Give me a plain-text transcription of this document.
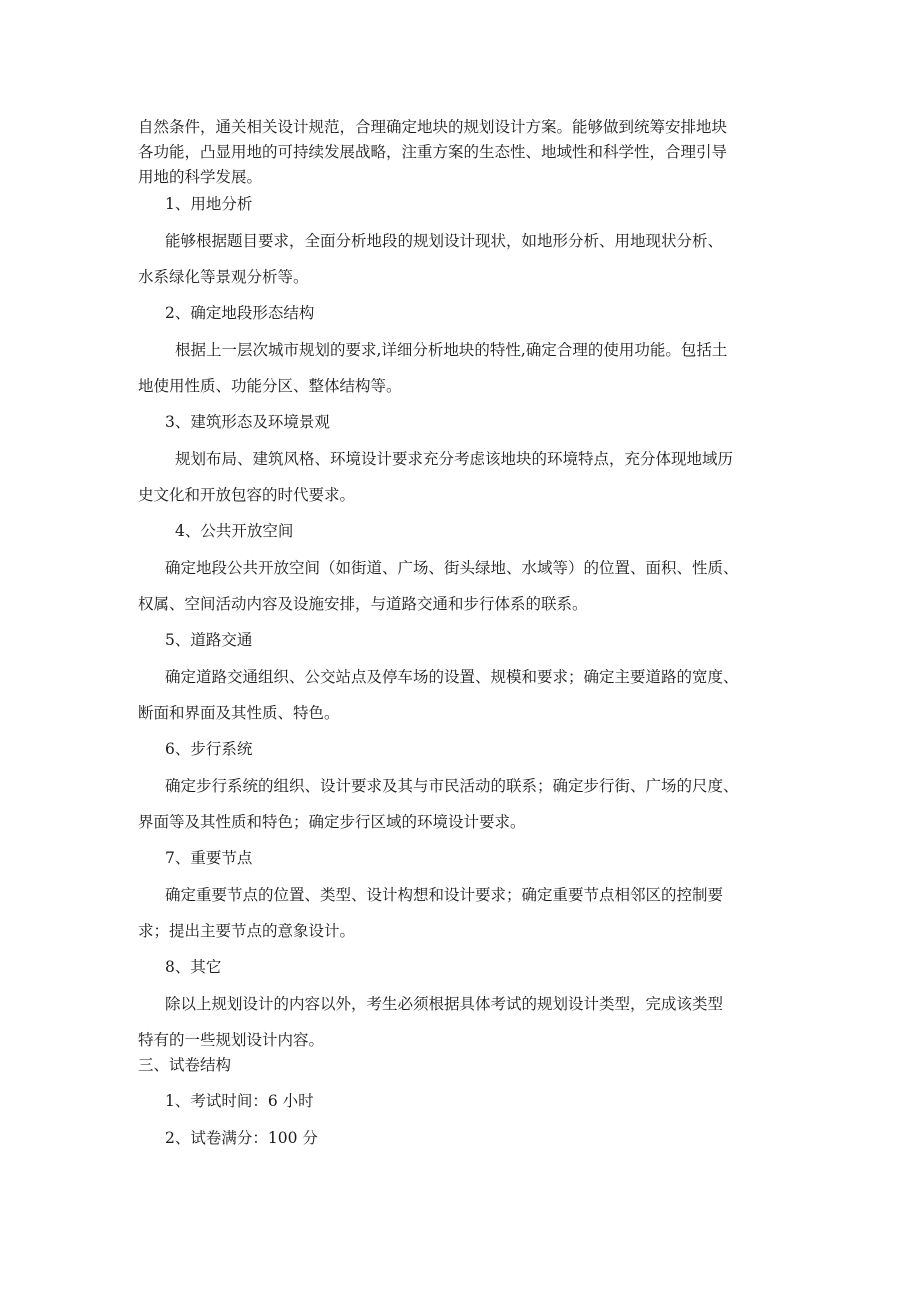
自然条件，通关相关设计规范，合理确定地块的规划设计方案。能够做到统筹安排地块
各功能，凸显用地的可持续发展战略，注重方案的生态性、地域性和科学性，合理引导
用地的科学发展。
1、用地分析
能够根据题目要求，全面分析地段的规划设计现状，如地形分析、用地现状分析、
水系绿化等景观分析等。
2、确定地段形态结构
根据上一层次城市规划的要求,详细分析地块的特性,确定合理的使用功能。包括土
地使用性质、功能分区、整体结构等。
3、建筑形态及环境景观
规划布局、建筑风格、环境设计要求充分考虑该地块的环境特点，充分体现地域历
史文化和开放包容的时代要求。
4、公共开放空间
确定地段公共开放空间（如街道、广场、街头绿地、水域等）的位置、面积、性质、
权属、空间活动内容及设施安排，与道路交通和步行体系的联系。
5、道路交通
确定道路交通组织、公交站点及停车场的设置、规模和要求；确定主要道路的宽度、
断面和界面及其性质、特色。
6、步行系统
确定步行系统的组织、设计要求及其与市民活动的联系；确定步行街、广场的尺度、
界面等及其性质和特色；确定步行区域的环境设计要求。
7、重要节点
确定重要节点的位置、类型、设计构想和设计要求；确定重要节点相邻区的控制要
求；提出主要节点的意象设计。
8、其它
除以上规划设计的内容以外，考生必须根据具体考试的规划设计类型，完成该类型
特有的一些规划设计内容。
三、试卷结构
1、考试时间：6 小时
2、试卷满分：100 分
